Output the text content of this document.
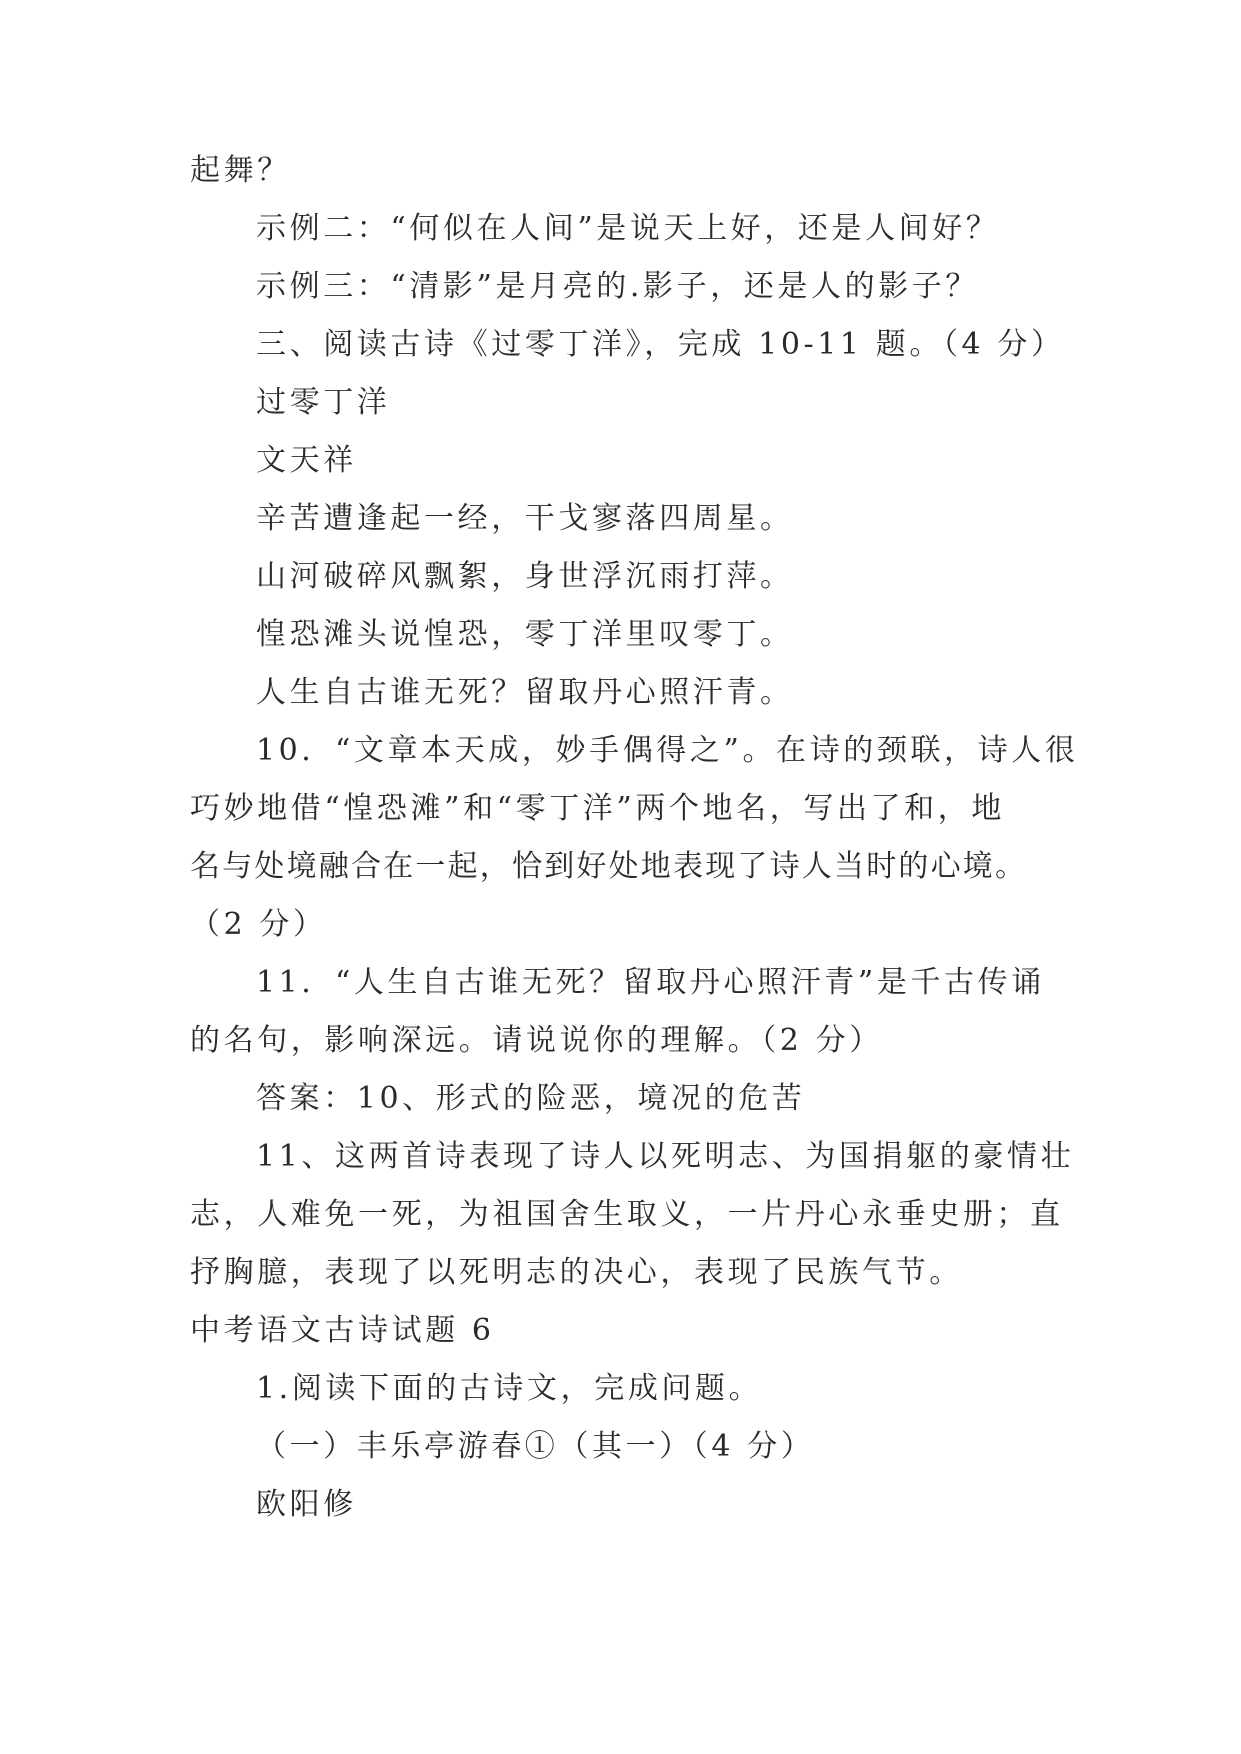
起舞？

示例二：“何似在人间”是说天上好，还是人间好？

示例三：“清影”是月亮的.影子，还是人的影子？

三、阅读古诗《过零丁洋》，完成 10-11 题。（4 分）

过零丁洋

文天祥

辛苦遭逢起一经，干戈寥落四周星。

山河破碎风飘絮，身世浮沉雨打萍。

惶恐滩头说惶恐，零丁洋里叹零丁。

人生自古谁无死？留取丹心照汗青。

10．“文章本天成，妙手偶得之”。在诗的颈联，诗人很

巧妙地借“惶恐滩”和“零丁洋”两个地名，写出了和，地

名与处境融合在一起，恰到好处地表现了诗人当时的心境。

（2 分）

11．“人生自古谁无死？留取丹心照汗青”是千古传诵

的名句，影响深远。请说说你的理解。（2 分）

答案：10、形式的险恶，境况的危苦

11、这两首诗表现了诗人以死明志、为国捐躯的豪情壮

志，人难免一死，为祖国舍生取义，一片丹心永垂史册；直

抒胸臆，表现了以死明志的决心，表现了民族气节。

中考语文古诗试题 6

1.阅读下面的古诗文，完成问题。

（一）丰乐亭游春①（其一）（4 分）

欧阳修
